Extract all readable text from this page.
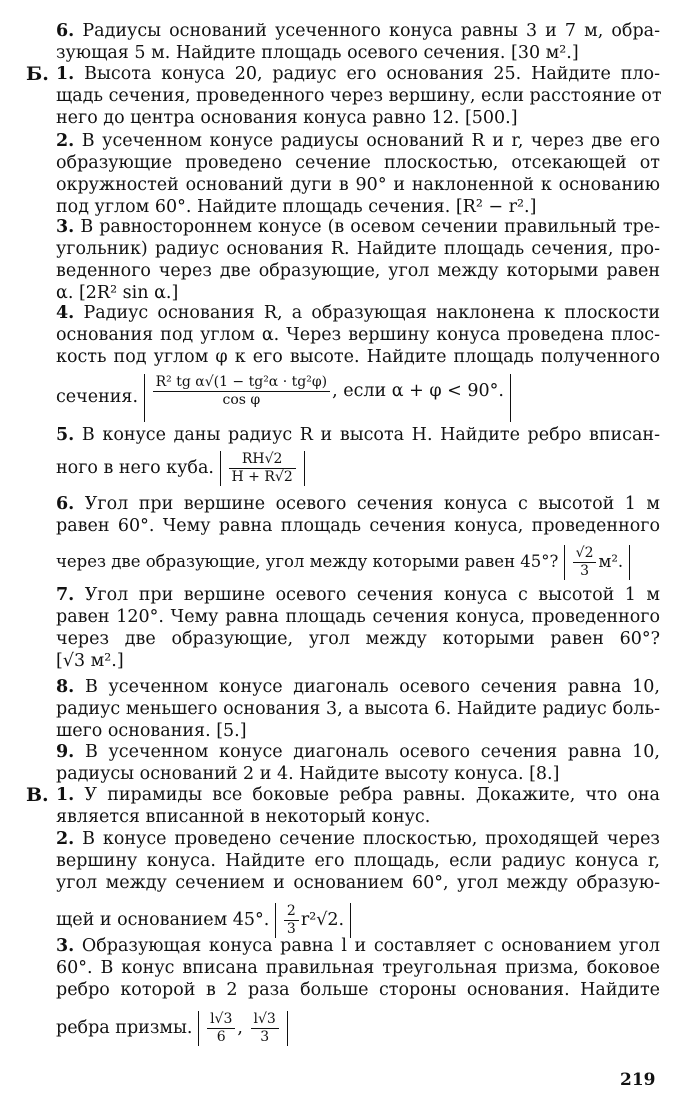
6. Радиусы оснований усеченного конуса равны 3 и 7 м, обра-
зующая 5 м. Найдите площадь осевого сечения. [30 м².]
Б. 1. Высота конуса 20, радиус его основания 25. Найдите пло-
щадь сечения, проведенного через вершину, если расстояние от
него до центра основания конуса равно 12. [500.]
2. В усеченном конусе радиусы оснований R и r, через две его
образующие проведено сечение плоскостью, отсекающей от
окружностей оснований дуги в 90° и наклоненной к основанию
под углом 60°. Найдите площадь сечения. [R² − r².]
3. В равностороннем конусе (в осевом сечении правильный тре-
угольник) радиус основания R. Найдите площадь сечения, про-
веденного через две образующие, угол между которыми равен
α. [2R² sin α.]
4. Радиус основания R, а образующая наклонена к плоскости
основания под углом α. Через вершину конуса проведена плос-
кость под углом φ к его высоте. Найдите площадь полученного
сечения. $\frac{\text{R² tg α√(1 − tg²α · tg²φ)}}{\text{cos φ}}$ , если α + φ < 90°.
5. В конусе даны радиус R и высота H. Найдите ребро вписан-
ного в него куба. $\frac{RH√2}{H + R√2}$
6. Угол при вершине осевого сечения конуса с высотой 1 м
равен 60°. Чему равна площадь сечения конуса, проведенного
через две образующие, угол между которыми равен 45°? $\frac{√2}{3} м^2$.
7. Угол при вершине осевого сечения конуса с высотой 1 м
равен 120°. Чему равна площадь сечения конуса, проведенного
через две образующие, угол между которыми равен 60°?
[√3 м².]
8. В усеченном конусе диагональ осевого сечения равна 10,
радиус меньшего основания 3, а высота 6. Найдите радиус боль-
шего основания. [5.]
9. В усеченном конусе диагональ осевого сечения равна 10,
радиусы оснований 2 и 4. Найдите высоту конуса. [8.]
В. 1. У пирамиды все боковые ребра равны. Докажите, что она
является вписанной в некоторый конус.
2. В конусе проведено сечение плоскостью, проходящей через
вершину конуса. Найдите его площадь, если радиус конуса r,
угол между сечением и основанием 60°, угол между образую-
щей и основанием 45°. $\frac{2}{3} r^2√2$.
3. Образующая конуса равна l и составляет с основанием угол
60°. В конус вписана правильная треугольная призма, боковое
ребро которой в 2 раза больше стороны основания. Найдите
ребра призмы. $\frac{l√3}{6}$ , $\frac{l√3}{3}$
219
